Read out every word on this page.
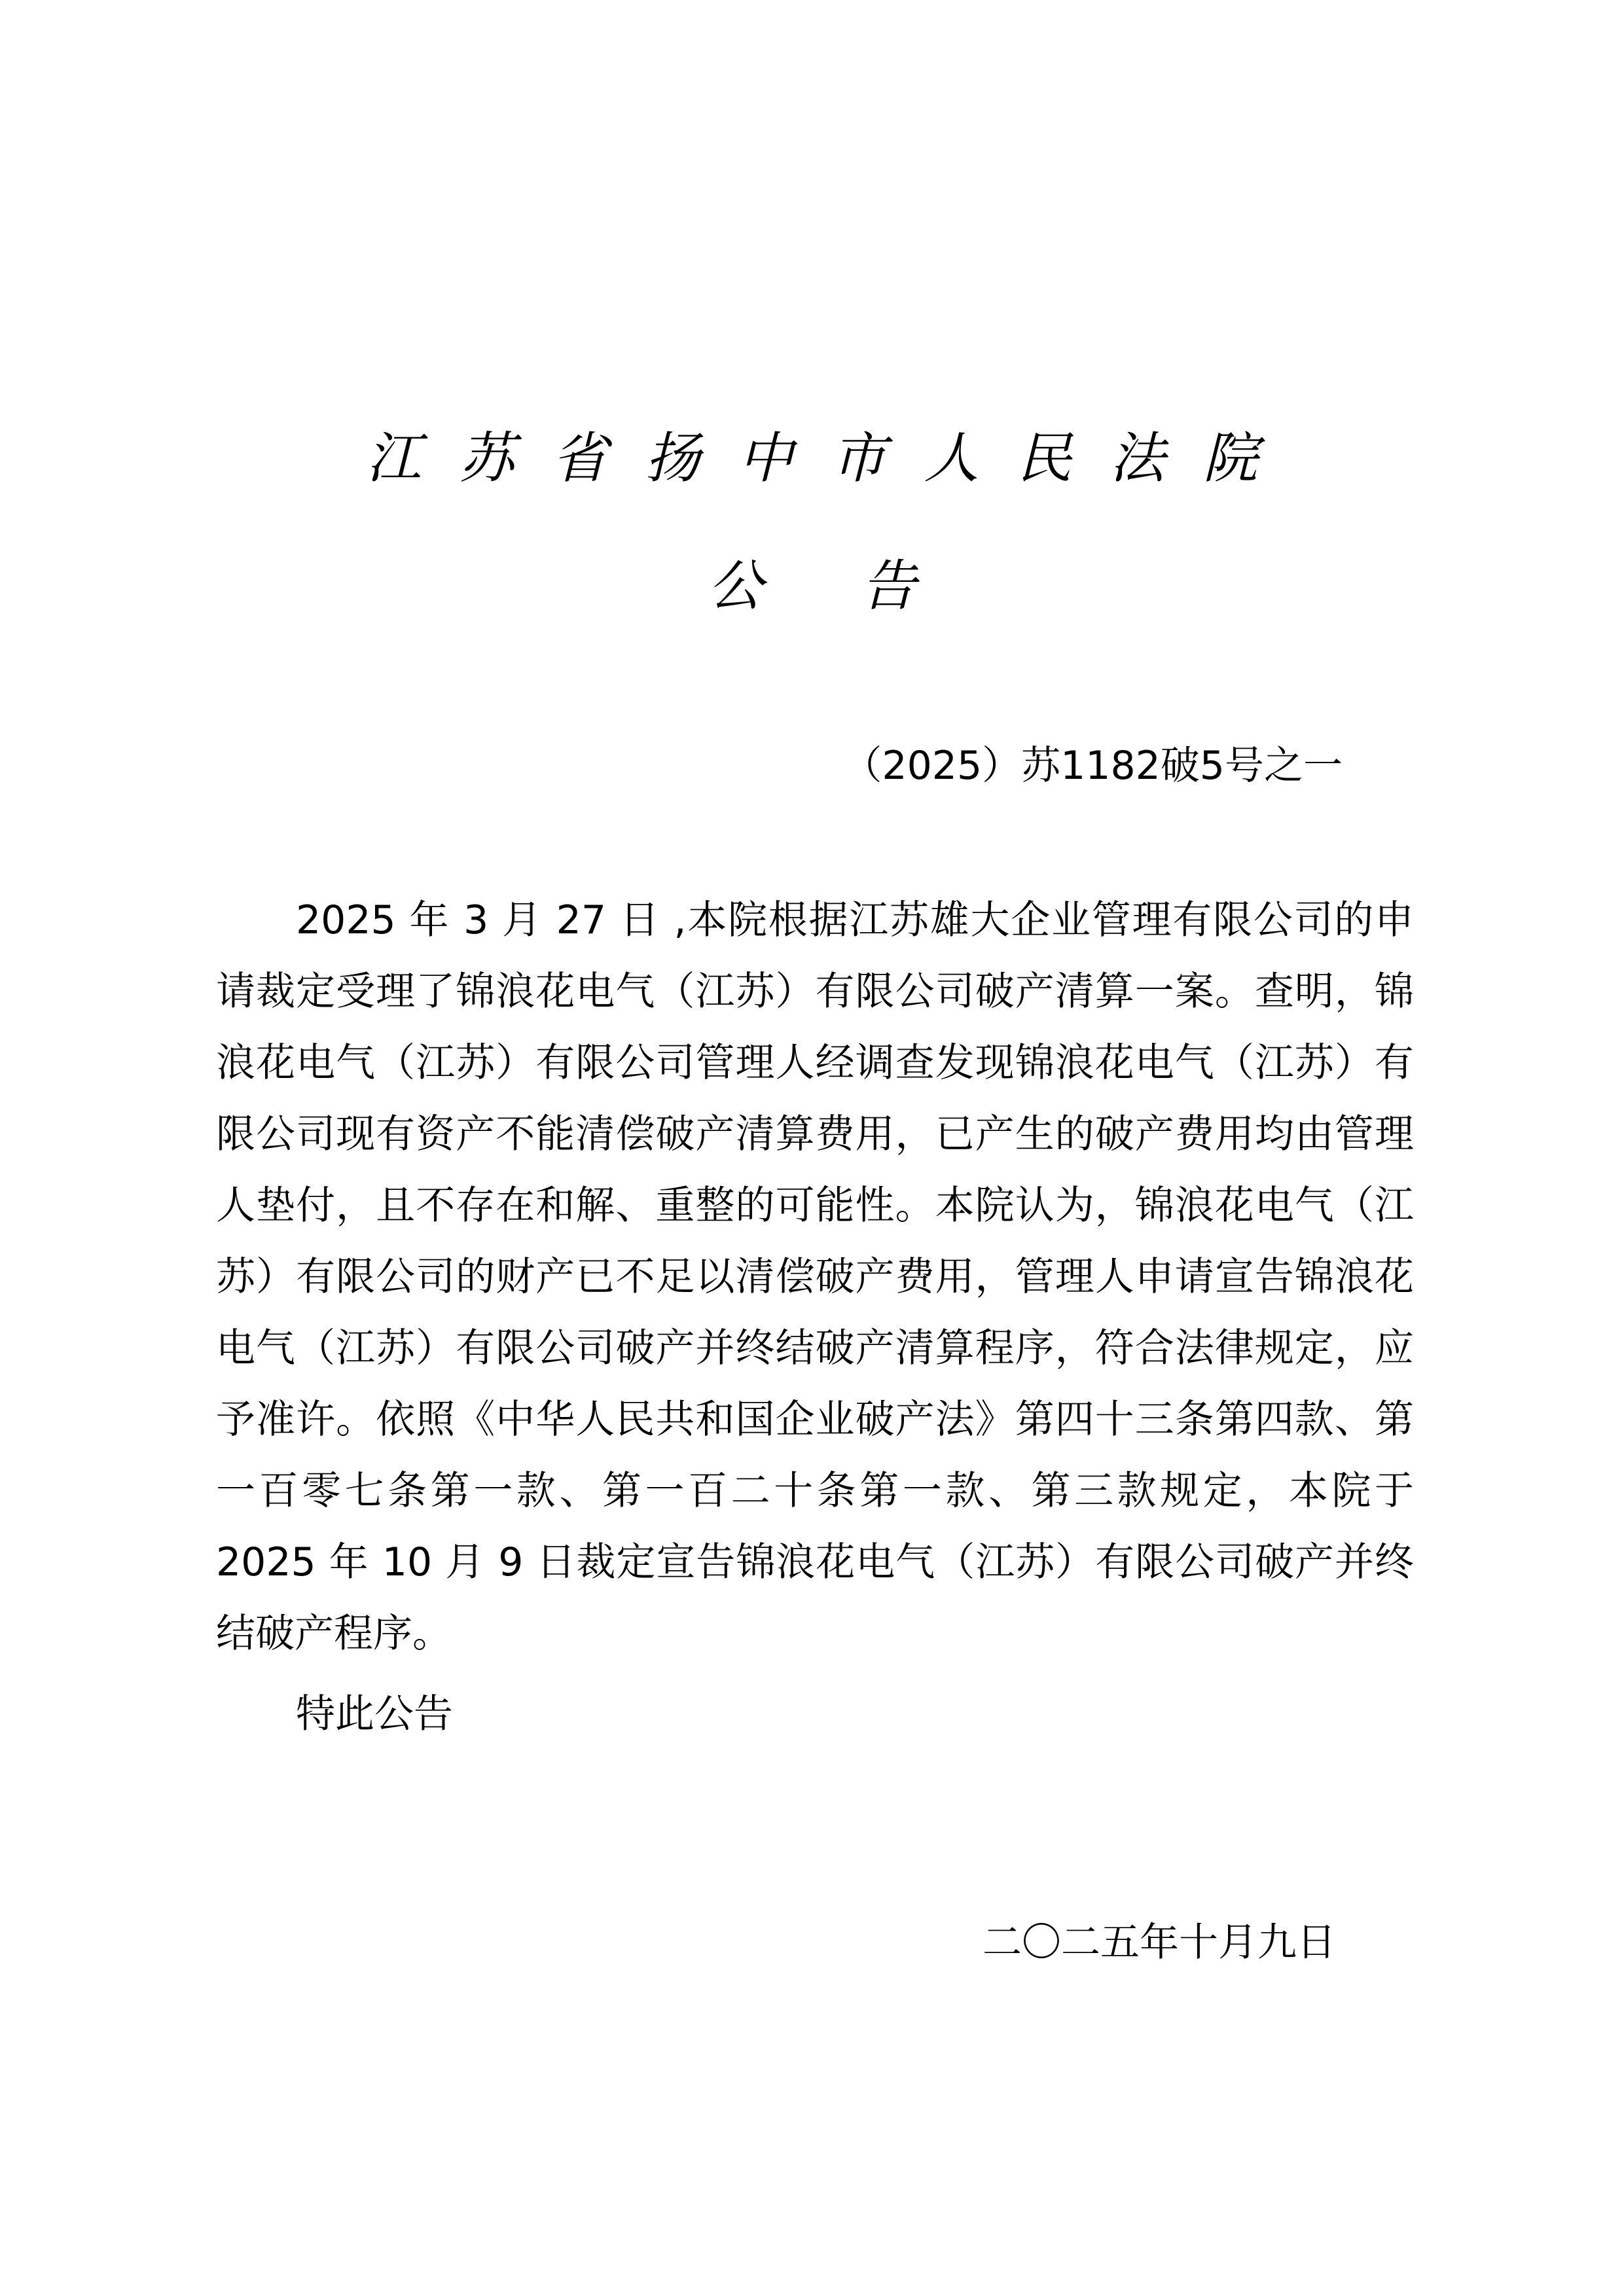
江苏省扬中市人民法院
公告
（2025）苏1182破5号之一

2025 年 3 月 27 日 ,本院根据江苏雄大企业管理有限公司的申请裁定受理了锦浪花电气（江苏）有限公司破产清算一案。查明，锦浪花电气（江苏）有限公司管理人经调查发现锦浪花电气（江苏）有限公司现有资产不能清偿破产清算费用，已产生的破产费用均由管理人垫付，且不存在和解、重整的可能性。本院认为，锦浪花电气（江苏）有限公司的财产已不足以清偿破产费用，管理人申请宣告锦浪花电气（江苏）有限公司破产并终结破产清算程序，符合法律规定，应予准许。依照《中华人民共和国企业破产法》第四十三条第四款、第一百零七条第一款、第一百二十条第一款、第三款规定，本院于 2025 年 10 月 9 日裁定宣告锦浪花电气（江苏）有限公司破产并终结破产程序。

特此公告
二〇二五年十月九日
